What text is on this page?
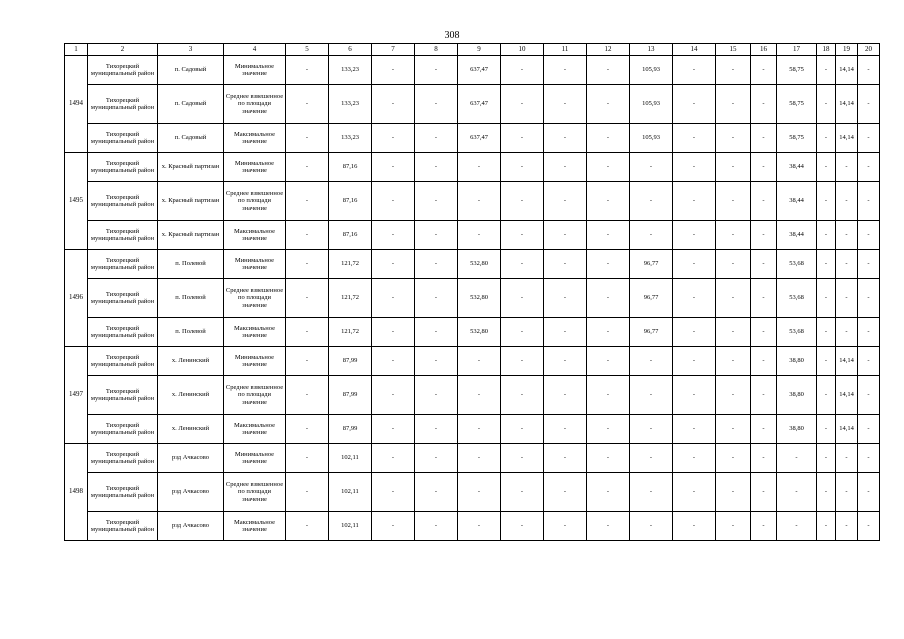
308
1	2	3	4	5	6	7	8	9	10	11	12	13	14	15	16	17	18	19	20
1494	Тихорецкий муниципальный район	п. Садовый	Минимальное значение	-	133,23	-	-	637,47	-	-	-	105,93	-	-	-	58,75	-	14,14	-
	Тихорецкий муниципальный район	п. Садовый	Среднее взвешенное по площади значение	-	133,23	-	-	637,47	-	-	-	105,93	-	-	-	58,75	-	14,14	-
	Тихорецкий муниципальный район	п. Садовый	Максимальное значение	-	133,23	-	-	637,47	-	-	-	105,93	-	-	-	58,75	-	14,14	-
1495	Тихорецкий муниципальный район	х. Красный партизан	Минимальное значение	-	87,16	-	-	-	-	-	-	-	-	-	-	38,44	-	-	-
	Тихорецкий муниципальный район	х. Красный партизан	Среднее взвешенное по площади значение	-	87,16	-	-	-	-	-	-	-	-	-	-	38,44	-	-	-
	Тихорецкий муниципальный район	х. Красный партизан	Максимальное значение	-	87,16	-	-	-	-	-	-	-	-	-	-	38,44	-	-	-
1496	Тихорецкий муниципальный район	п. Полевой	Минимальное значение	-	121,72	-	-	532,80	-	-	-	96,77	-	-	-	53,68	-	-	-
	Тихорецкий муниципальный район	п. Полевой	Среднее взвешенное по площади значение	-	121,72	-	-	532,80	-	-	-	96,77	-	-	-	53,68	-	-	-
	Тихорецкий муниципальный район	п. Полевой	Максимальное значение	-	121,72	-	-	532,80	-	-	-	96,77	-	-	-	53,68	-	-	-
1497	Тихорецкий муниципальный район	х. Ленинский	Минимальное значение	-	87,99	-	-	-	-	-	-	-	-	-	-	38,80	-	14,14	-
	Тихорецкий муниципальный район	х. Ленинский	Среднее взвешенное по площади значение	-	87,99	-	-	-	-	-	-	-	-	-	-	38,80	-	14,14	-
	Тихорецкий муниципальный район	х. Ленинский	Максимальное значение	-	87,99	-	-	-	-	-	-	-	-	-	-	38,80	-	14,14	-
1498	Тихорецкий муниципальный район	рзд Ачкасово	Минимальное значение	-	102,11	-	-	-	-	-	-	-	-	-	-	-	-	-	-
	Тихорецкий муниципальный район	рзд Ачкасово	Среднее взвешенное по площади значение	-	102,11	-	-	-	-	-	-	-	-	-	-	-	-	-	-
	Тихорецкий муниципальный район	рзд Ачкасово	Максимальное значение	-	102,11	-	-	-	-	-	-	-	-	-	-	-	-	-	-
